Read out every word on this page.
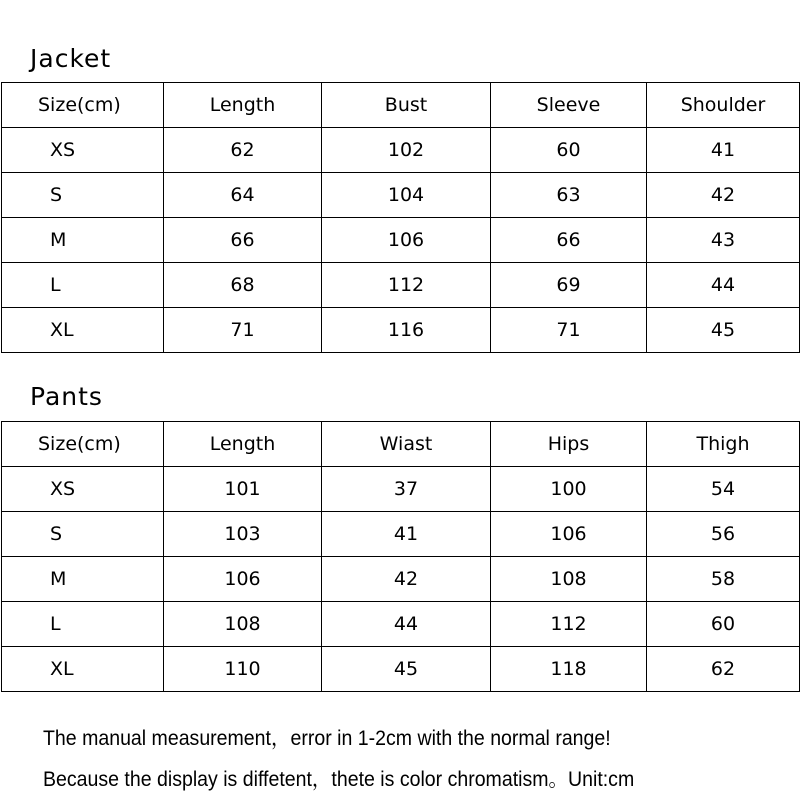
Jacket
Size(cm)	Length	Bust	Sleeve	Shoulder
XS	62	102	60	41
S	64	104	63	42
M	66	106	66	43
L	68	112	69	44
XL	71	116	71	45
Pants
Size(cm)	Length	Wiast	Hips	Thigh
XS	101	37	100	54
S	103	41	106	56
M	106	42	108	58
L	108	44	112	60
XL	110	45	118	62
The manual measurement，error in 1-2cm with the normal range!
Because the display is diffetent，thete is color chromatism。Unit:cm
